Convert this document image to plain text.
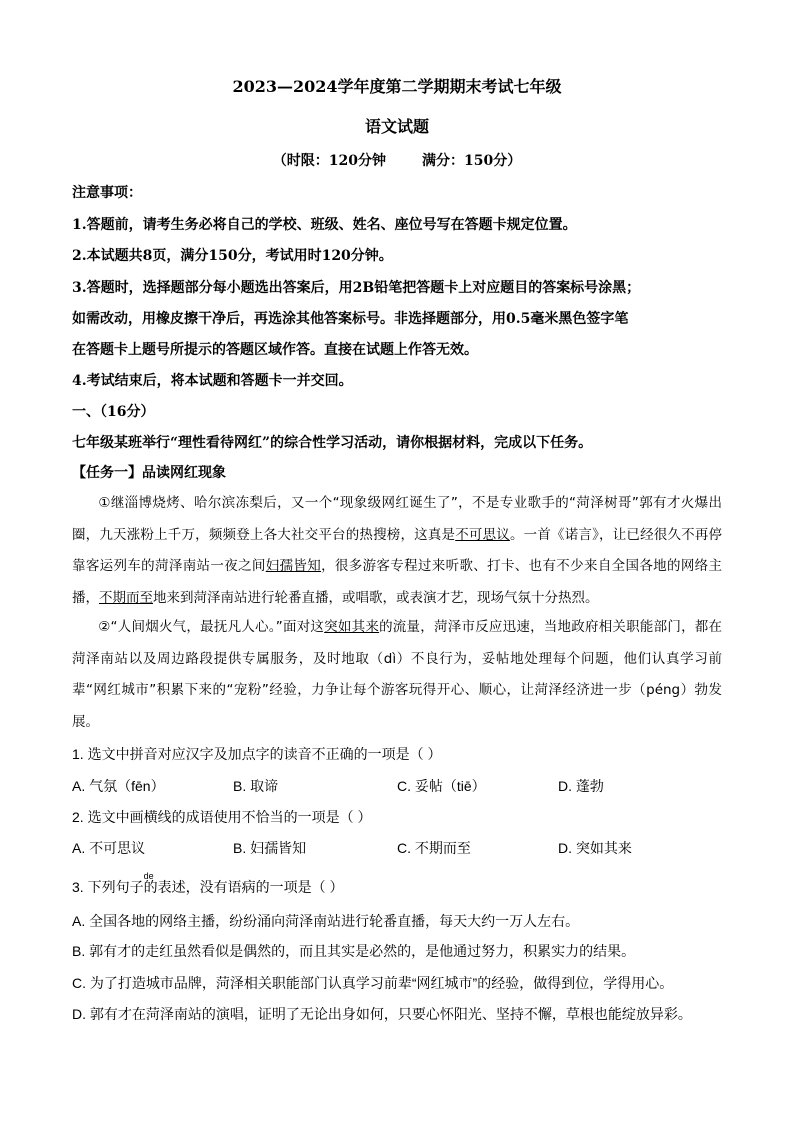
2023—2024学年度第二学期期末考试七年级
语文试题
（时限：120分钟	满分：150分）
注意事项：
1.答题前，请考生务必将自己的学校、班级、姓名、座位号写在答题卡规定位置。
2.本试题共8页，满分150分，考试用时120分钟。
3.答题时，选择题部分每小题选出答案后，用2B铅笔把答题卡上对应题目的答案标号涂黑；
如需改动，用橡皮擦干净后，再选涂其他答案标号。非选择题部分，用0.5毫米黑色签字笔
在答题卡上题号所提示的答题区域作答。直接在试题上作答无效。
4.考试结束后，将本试题和答题卡一并交回。
一、（16分）
七年级某班举行“理性看待网红”的综合性学习活动，请你根据材料，完成以下任务。
【任务一】品读网红现象
①继淄博烧烤、哈尔滨冻梨后，又一个“现象级网红诞生了”，不是专业歌手的“菏泽树哥”郭有才火爆出圈，九天涨粉上千万，频频登上各大社交平台的热搜榜，这真是不可思议。一首《诺言》，让已经很久不再停靠客运列车的菏泽南站一夜之间妇孺皆知，很多游客专程过来听歌、打卡、也有不少来自全国各地的网络主播，不期而至地来到菏泽南站进行轮番直播，或唱歌，或表演才艺，现场气氛十分热烈。
②“人间烟火气，最抚凡人心。”面对这突如其来的流量，菏泽市反应迅速，当地政府相关职能部门，都在菏泽南站以及周边路段提供专属服务，及时地取（dì）不良行为，妥帖地处理每个问题，他们认真学习前辈“网红城市”积累下来的“宠粉”经验，力争让每个游客玩得开心、顺心，让菏泽经济进一步（péng）勃发展。
1. 选文中拼音对应汉字及加点字的读音不正确的一项是（ ）
A. 气氛（fēn）	B. 取谛	C. 妥帖（tiē）	D. 蓬勃
2. 选文中画横线的成语使用不恰当的一项是（ ）
A. 不可思议	B. 妇孺皆知	C. 不期而至	D. 突如其来
3. 下列句子
de
的表述，没有语病的一项是（ ）
A. 全国各地的网络主播，纷纷涌向菏泽南站进行轮番直播，每天大约一万人左右。
B. 郭有才的走红虽然看似是偶然的，而且其实是必然的，是他通过努力，积累实力的结果。
C. 为了打造城市品牌，菏泽相关职能部门认真学习前辈“网红城市”的经验，做得到位，学得用心。
D. 郭有才在菏泽南站的演唱，证明了无论出身如何，只要心怀阳光、坚持不懈，草根也能绽放异彩。
